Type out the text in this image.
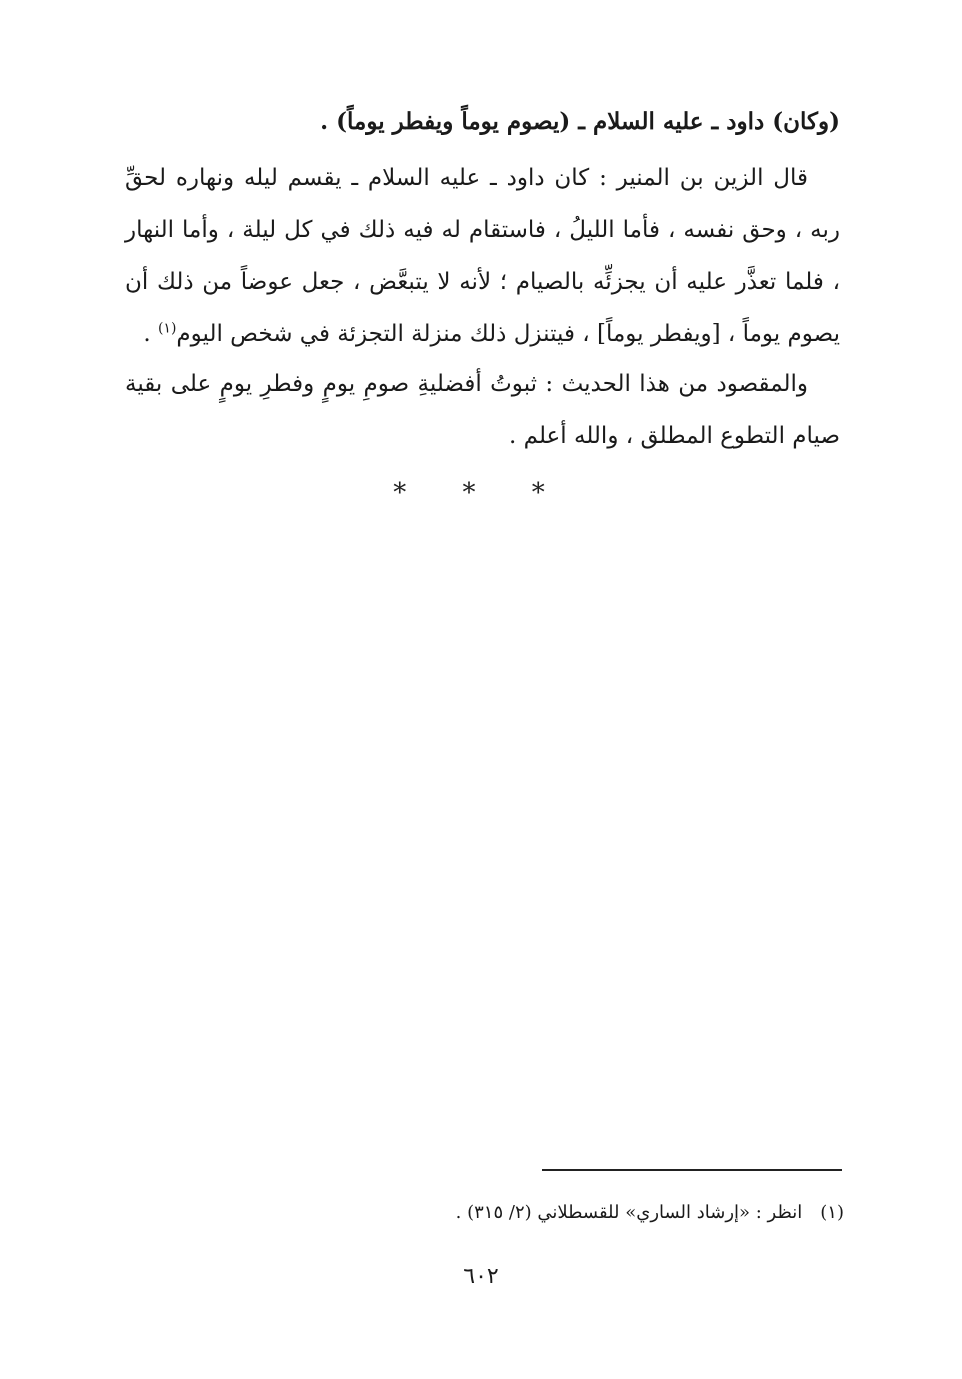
(وكان) داود ـ عليه السلام ـ (يصوم يوماً ويفطر يوماً) .

قال الزين بن المنير : كان داود ـ عليه السلام ـ يقسم ليله ونهاره لحقِّ ربه ، وحق نفسه ، فأما الليلُ ، فاستقام له فيه ذلك في كل ليلة ، وأما النهار ، فلما تعذَّر عليه أن يجزئِّه بالصيام ؛ لأنه لا يتبعَّض ، جعل عوضاً من ذلك أن يصوم يوماً ، [ويفطر يوماً] ، فيتنزل ذلك منزلة التجزئة في شخص اليوم$^{(١)}$ .

والمقصود من هذا الحديث : ثبوتُ أفضليةِ صومِ يومٍ وفطرِ يومٍ على بقية صيام التطوع المطلق ، والله أعلم .

* * *
(١)انظر : «إرشاد الساري» للقسطلاني (٢/ ٣١٥) .
٦٠٢
